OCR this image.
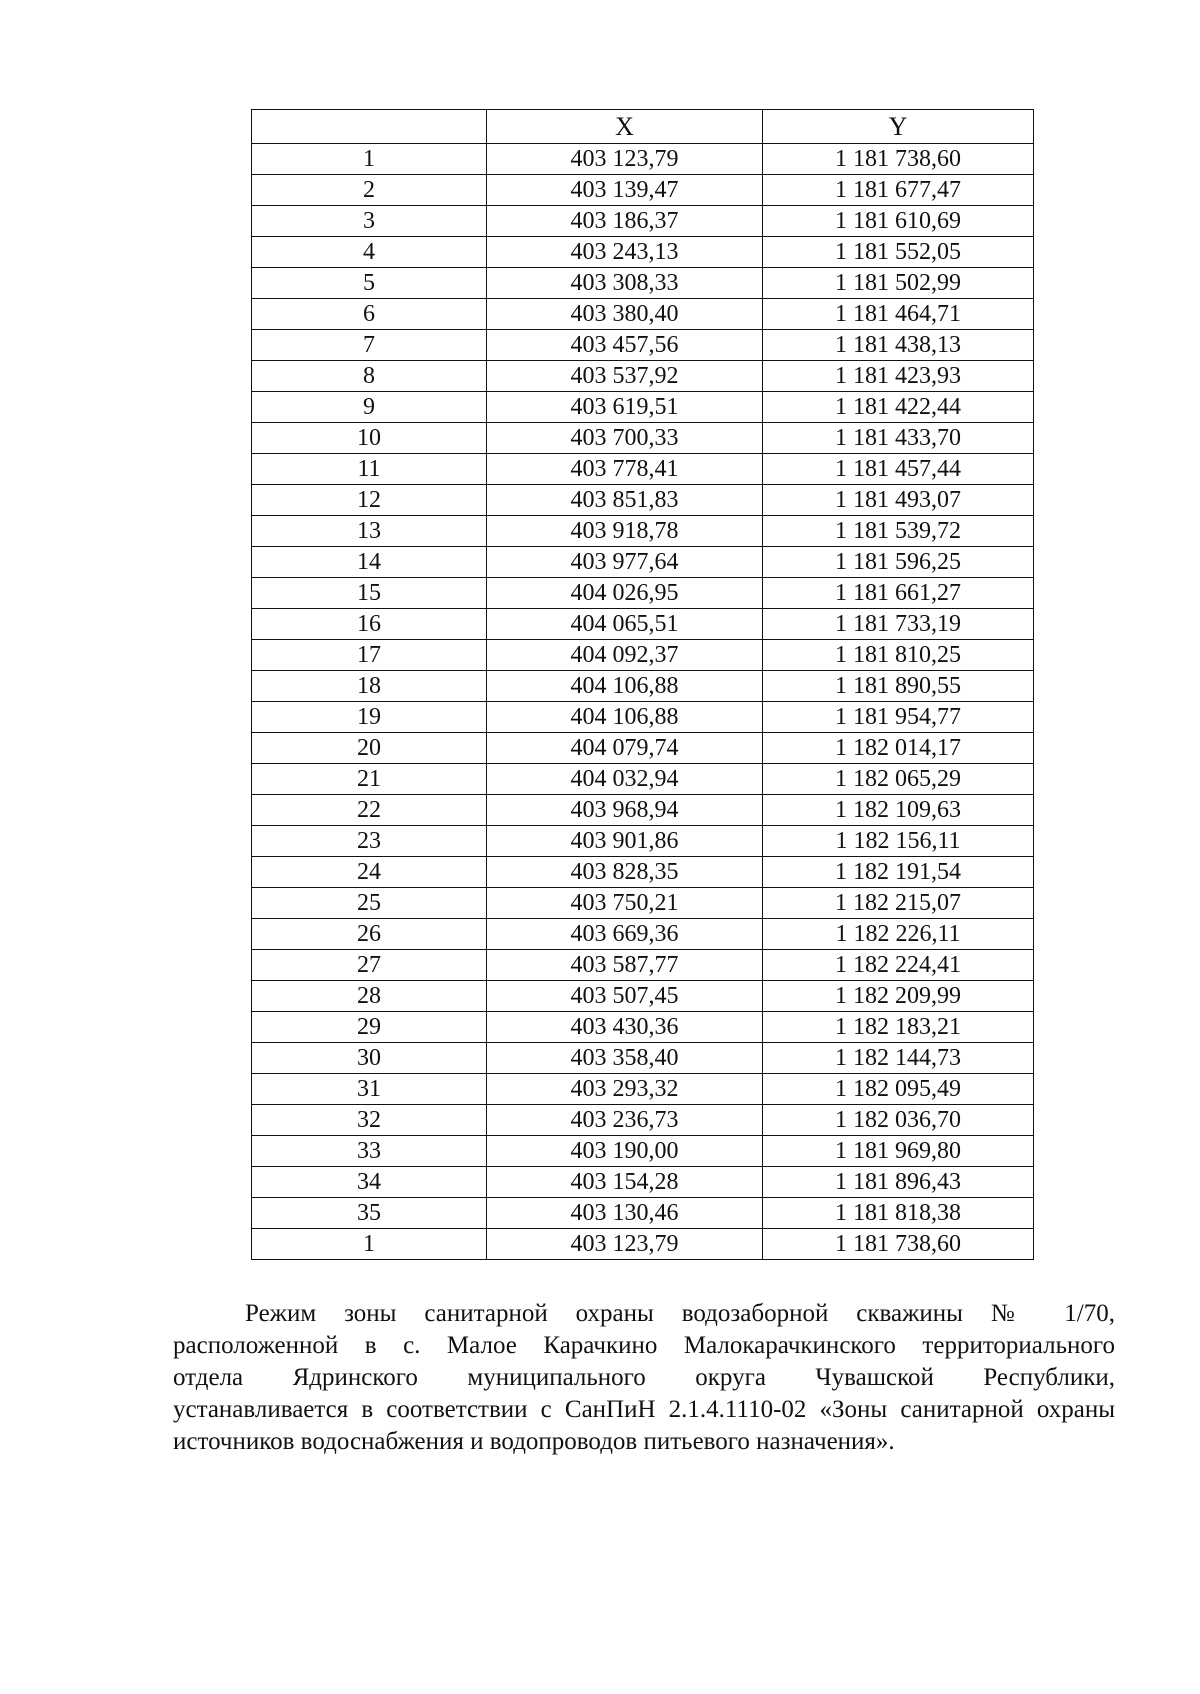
	X	Y
1	403 123,79	1 181 738,60
2	403 139,47	1 181 677,47
3	403 186,37	1 181 610,69
4	403 243,13	1 181 552,05
5	403 308,33	1 181 502,99
6	403 380,40	1 181 464,71
7	403 457,56	1 181 438,13
8	403 537,92	1 181 423,93
9	403 619,51	1 181 422,44
10	403 700,33	1 181 433,70
11	403 778,41	1 181 457,44
12	403 851,83	1 181 493,07
13	403 918,78	1 181 539,72
14	403 977,64	1 181 596,25
15	404 026,95	1 181 661,27
16	404 065,51	1 181 733,19
17	404 092,37	1 181 810,25
18	404 106,88	1 181 890,55
19	404 106,88	1 181 954,77
20	404 079,74	1 182 014,17
21	404 032,94	1 182 065,29
22	403 968,94	1 182 109,63
23	403 901,86	1 182 156,11
24	403 828,35	1 182 191,54
25	403 750,21	1 182 215,07
26	403 669,36	1 182 226,11
27	403 587,77	1 182 224,41
28	403 507,45	1 182 209,99
29	403 430,36	1 182 183,21
30	403 358,40	1 182 144,73
31	403 293,32	1 182 095,49
32	403 236,73	1 182 036,70
33	403 190,00	1 181 969,80
34	403 154,28	1 181 896,43
35	403 130,46	1 181 818,38
1	403 123,79	1 181 738,60
Режим зоны санитарной охраны водозаборной скважины № 1/70,
расположенной в с. Малое Карачкино Малокарачкинского территориального
отдела Ядринского муниципального округа Чувашской Республики,
устанавливается в соответствии с СанПиН 2.1.4.1110-02 «Зоны санитарной охраны
источников водоснабжения и водопроводов питьевого назначения».
